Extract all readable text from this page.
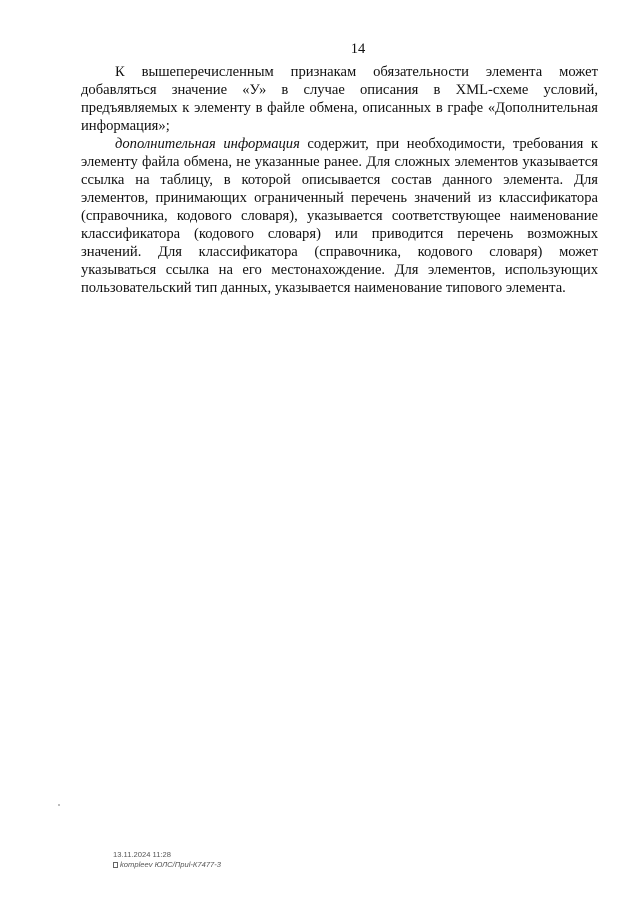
14

К вышеперечисленным признакам обязательности элемента может добавляться значение «У» в случае описания в XML-схеме условий, предъявляемых к элементу в файле обмена, описанных в графе «Дополнительная информация»;

дополнительная информация содержит, при необходимости, требования к элементу файла обмена, не указанные ранее. Для сложных элементов указывается ссылка на таблицу, в которой описывается состав данного элемента. Для элементов, принимающих ограниченный перечень значений из классификатора (справочника, кодового словаря), указывается соответствующее наименование классификатора (кодового словаря) или приводится перечень возможных значений. Для классификатора (справочника, кодового словаря) может указываться ссылка на его местонахождение. Для элементов, использующих пользовательский тип данных, указывается наименование типового элемента.

13.11.2024 11:28
kompleev ЮЛС/Приl-К7477-3
